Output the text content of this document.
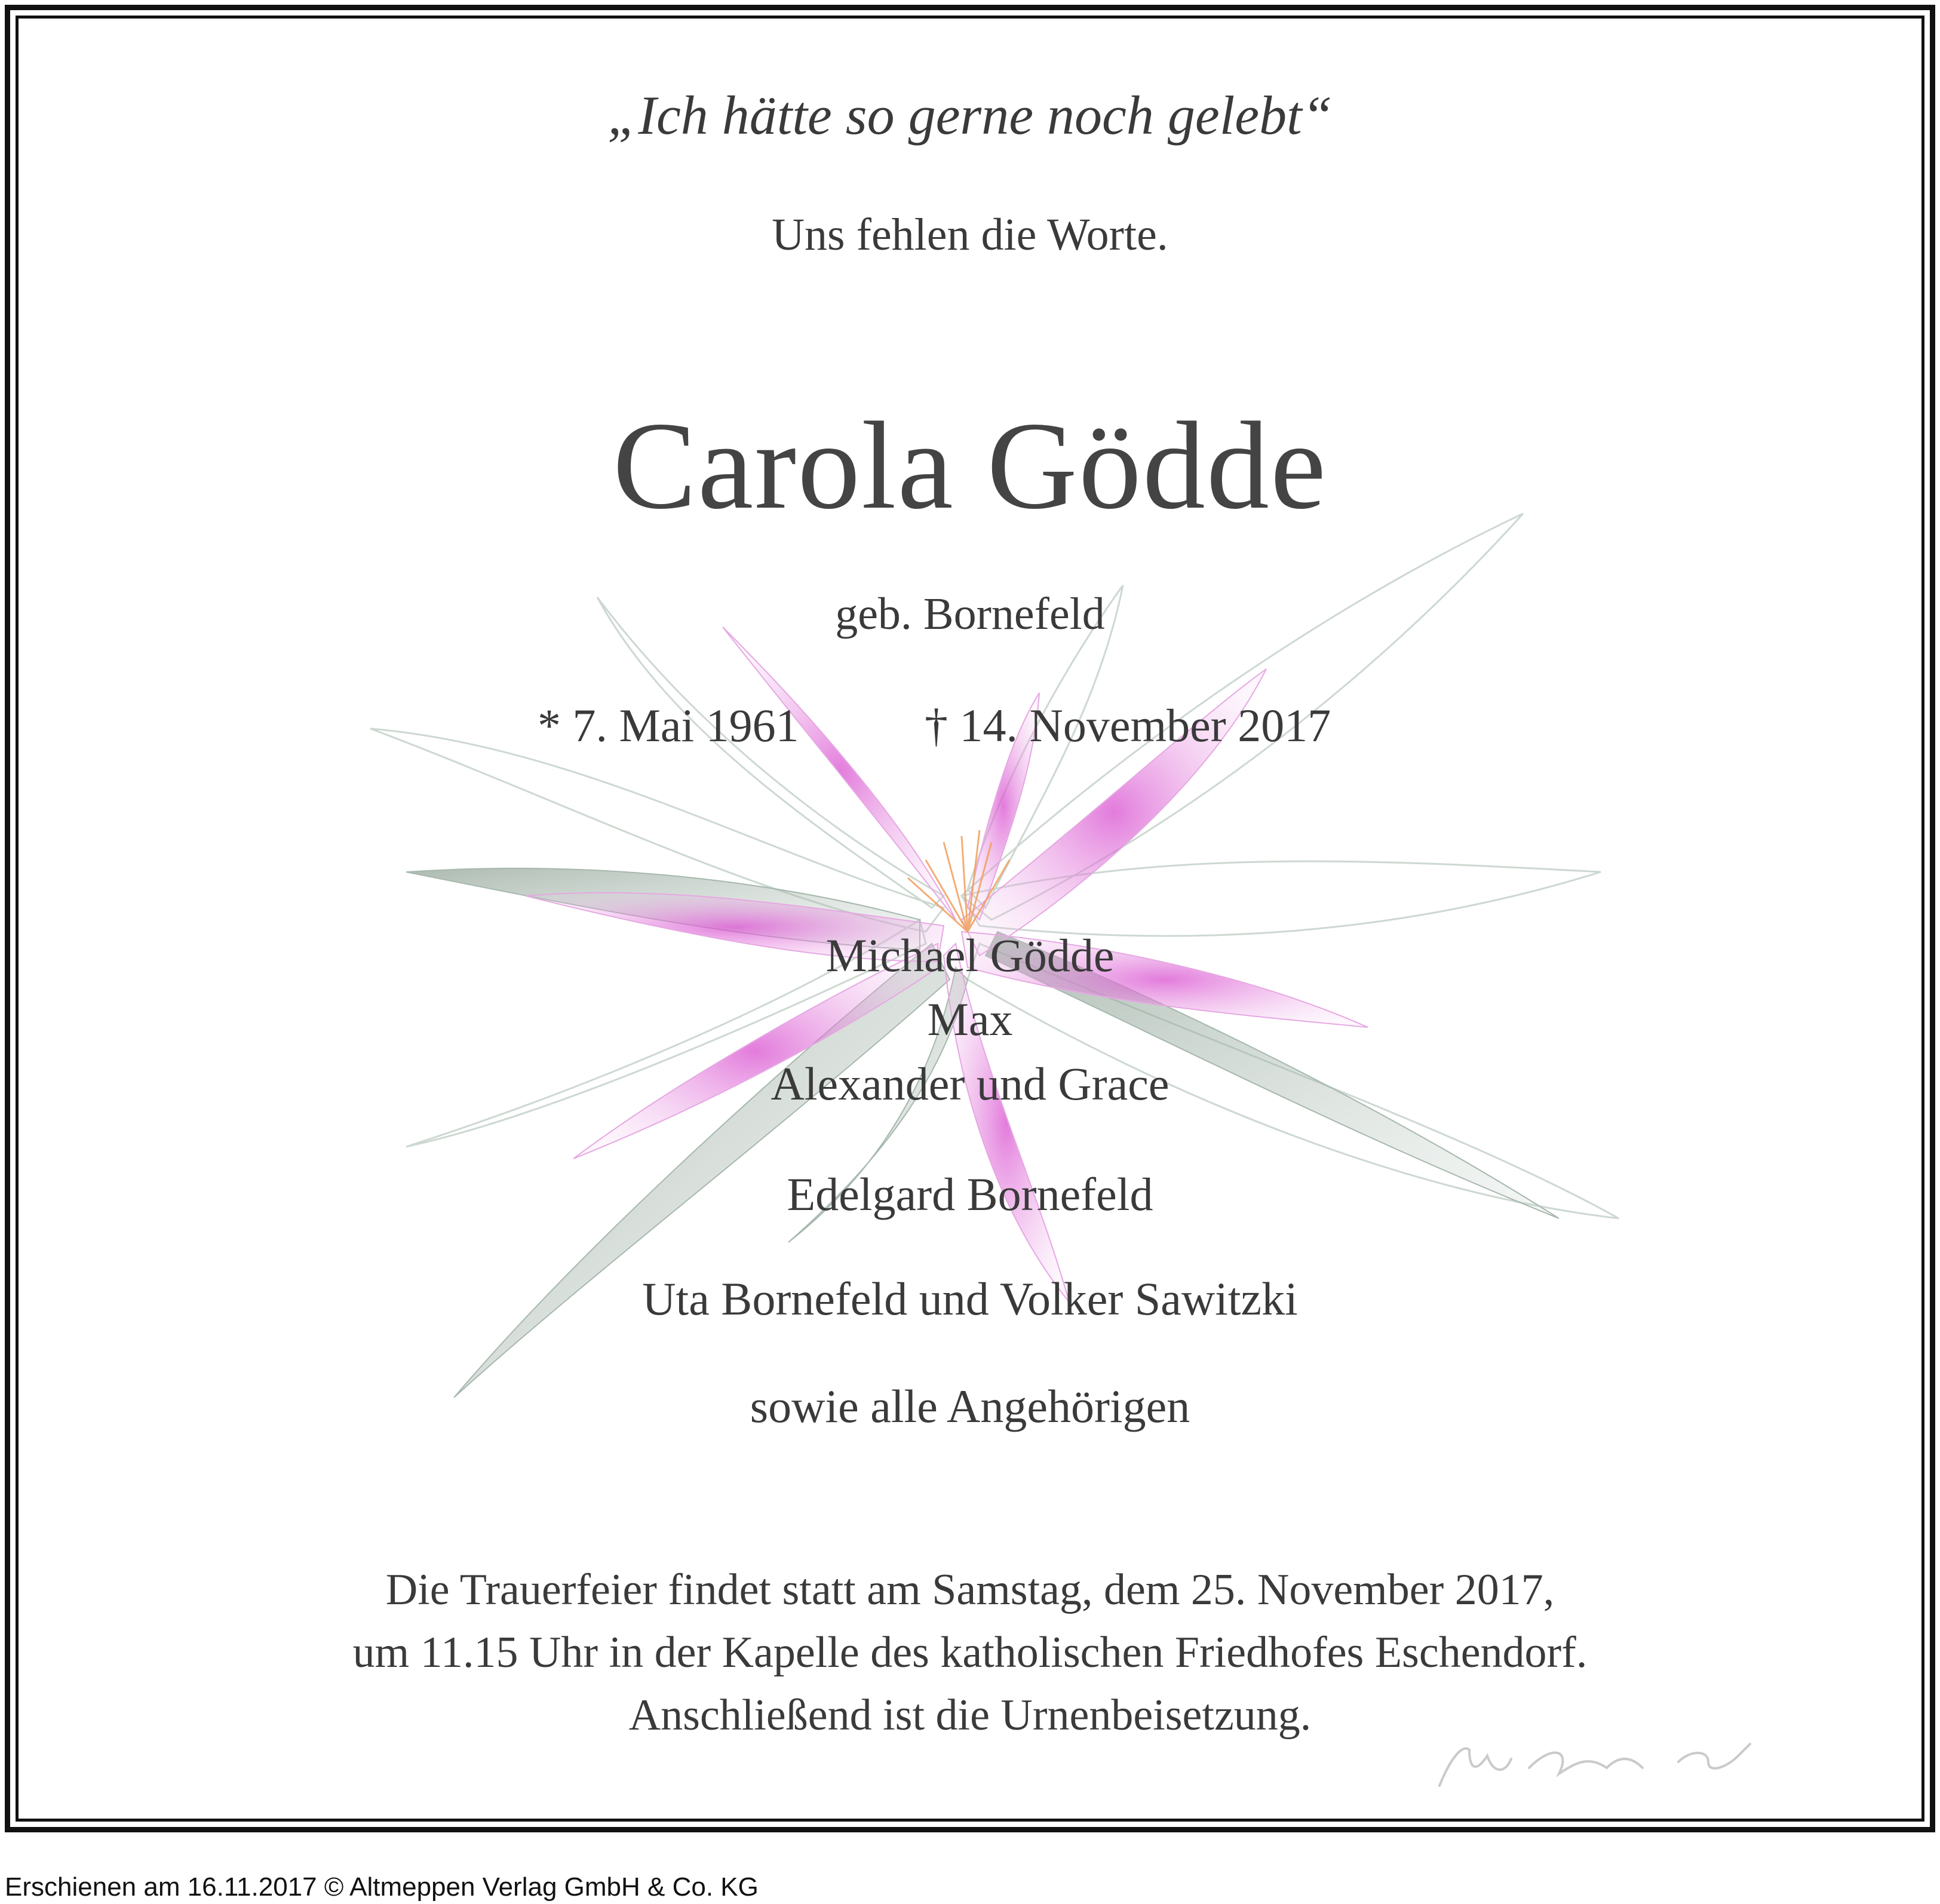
„Ich hätte so gerne noch gelebt“
Uns fehlen die Worte.
Carola Gödde
geb. Bornefeld
* 7. Mai 1961	† 14. November 2017
Michael Gödde
Max
Alexander und Grace
Edelgard Bornefeld
Uta Bornefeld und Volker Sawitzki
sowie alle Angehörigen
Die Trauerfeier findet statt am Samstag, dem 25. November 2017,
um 11.15 Uhr in der Kapelle des katholischen Friedhofes Eschendorf.
Anschließend ist die Urnenbeisetzung.
Erschienen am 16.11.2017 © Altmeppen Verlag GmbH & Co. KG
